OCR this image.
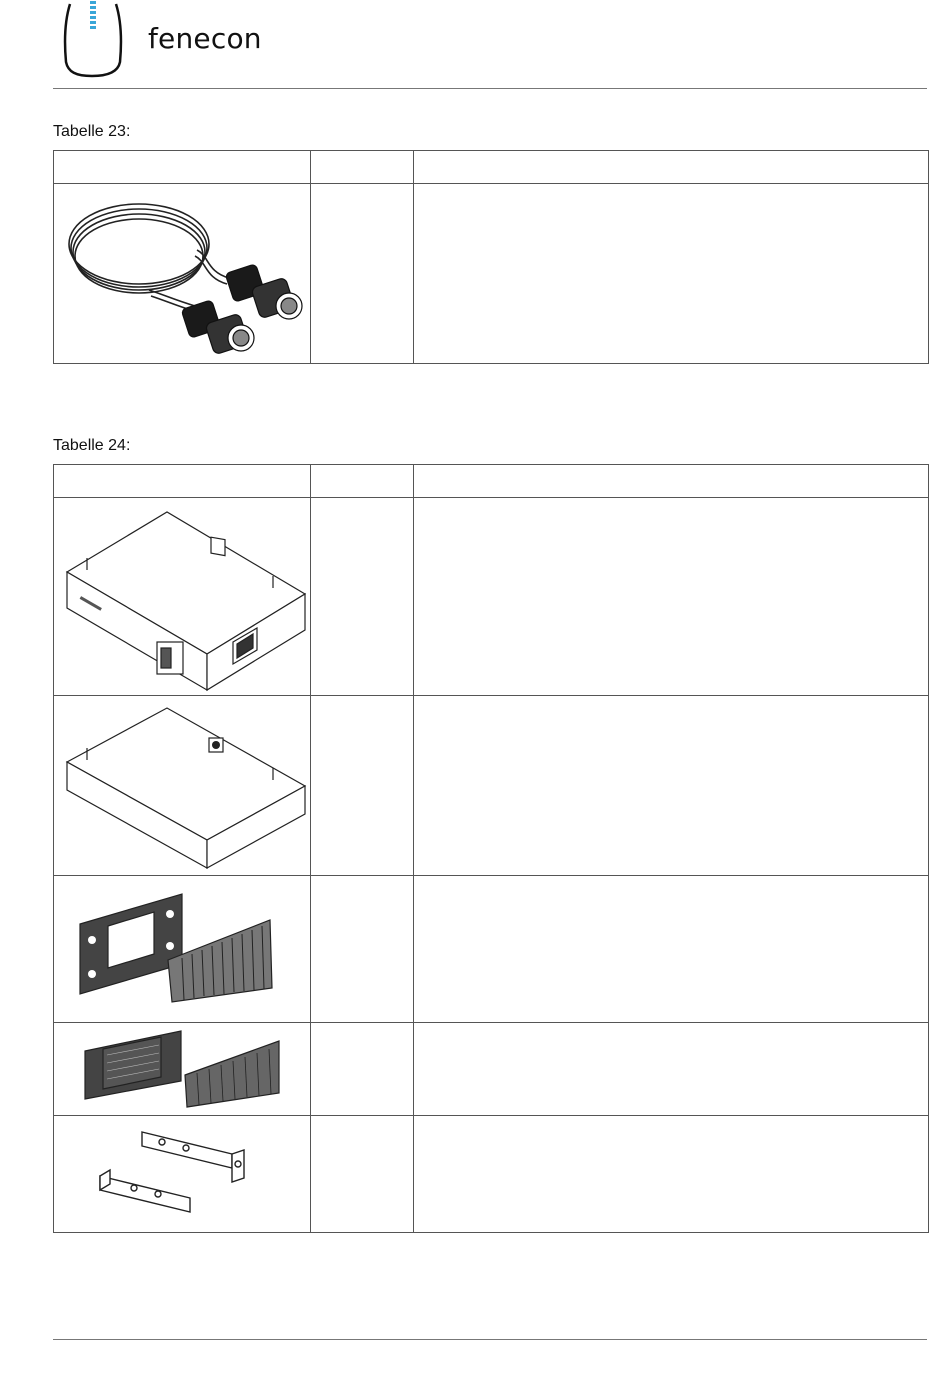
fenecon
Tabelle 23:

Tabelle 24:
